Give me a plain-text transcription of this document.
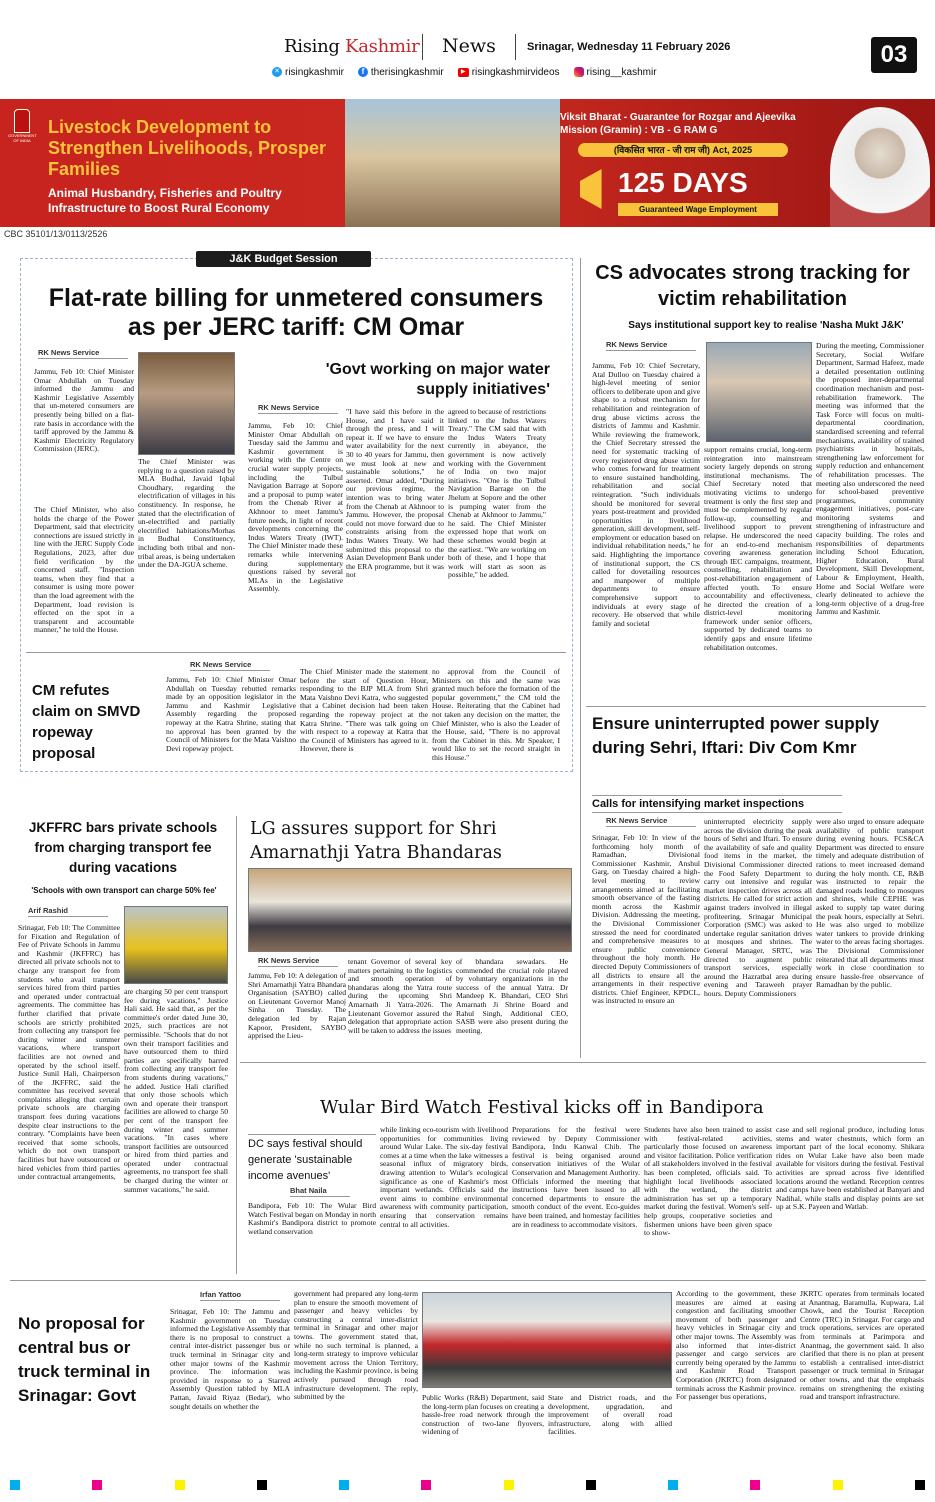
Rising Kashmir News	Srinagar, Wednesday 11 February 2026	03
✕ risingkashmir	f therisingkashmir	▶ risingkashmirvideos	rising__kashmir
GOVERNMENT OF INDIA
Livestock Development to Strengthen Livelihoods, Prosper Families
Animal Husbandry, Fisheries and Poultry Infrastructure to Boost Rural Economy
Viksit Bharat - Guarantee for Rozgar and Ajeevika Mission (Gramin) : VB - G RAM G
(विकसित भारत - जी राम जी) Act, 2025
125 DAYS
Guaranteed Wage Employment
CBC 35101/13/0113/2526
J&K Budget Session
Flat-rate billing for unmetered consumers as per JERC tariff: CM Omar
RK News Service
Jammu, Feb 10: Chief Minister Omar Abdullah on Tuesday informed the Jammu and Kashmir Legislative Assembly that un-metered consumers are presently being billed on a flat-rate basis in accordance with the tariff approved by the Jammu & Kashmir Electricity Regulatory Commission (JERC).
The Chief Minister, who also holds the charge of the Power Department, said that electricity connections are issued strictly in line with the JERC Supply Code Regulations, 2023, after due field verification by the concerned staff. "Inspection teams, when they find that a consumer is using more power than the load agreement with the Department, load revision is effected on the spot in a transparent and accountable manner," he told the House.
The Chief Minister was replying to a question raised by MLA Budhal, Javaid Iqbal Choudhary, regarding the electrification of villages in his constituency. In response, he stated that the electrification of un-electrified and partially electrified habitations/Morhas in Budhal Constituency, including both tribal and non-tribal areas, is being undertaken under the DA-JGUA scheme.
'Govt working on major water supply initiatives'
RK News Service
Jammu, Feb 10: Chief Minister Omar Abdullah on Tuesday said the Jammu and Kashmir government is working with the Centre on crucial water supply projects, including the Tulbul Navigation Barrage at Sopore and a proposal to pump water from the Chenab River at Akhnoor to meet Jammu's future needs, in light of recent developments concerning the Indus Waters Treaty (IWT). The Chief Minister made these remarks while intervening during supplementary questions raised by several MLAs in the Legislative Assembly.
"I have said this before in the House, and I have said it through the press, and I will repeat it. If we have to ensure water availability for the next 30 to 40 years for Jammu, then we must look at new and sustainable solutions," he asserted. Omar added, "During our previous regime, the intention was to bring water from the Chenab at Akhnoor to Jammu. However, the proposal could not move forward due to constraints arising from the Indus Waters Treaty. We had submitted this proposal to the Asian Development Bank under the ERA programme, but it was not
agreed to because of restrictions linked to the Indus Waters Treaty." The CM said that with the Indus Waters Treaty currently in abeyance, the government is now actively working with the Government of India on two major initiatives. "One is the Tulbul Navigation Barrage on the Jhelum at Sopore and the other is pumping water from the Chenab at Akhnoor to Jammu," he said. The Chief Minister expressed hope that work on these schemes would begin at the earliest. "We are working on both of these, and I hope that work will start as soon as possible," he added.
CM refutes claim on SMVD ropeway proposal
RK News Service
Jammu, Feb 10: Chief Minister Omar Abdullah on Tuesday rebutted remarks made by an opposition legislator in the Jammu and Kashmir Legislative Assembly regarding the proposed ropeway at the Katra Shrine, stating that no approval has been granted by the Council of Ministers for the Mata Vaishno Devi ropeway project.
The Chief Minister made the statement before the start of Question Hour, responding to the BJP MLA from Shri Mata Vaishno Devi Katra, who suggested that a Cabinet decision had been taken regarding the ropeway project at the Katra Shrine. "There was talk going on with respect to a ropeway at Katra that the Council of Ministers has agreed to it. However, there is
no approval from the Council of Ministers on this and the same was granted much before the formation of the popular government," the CM told the House. Reiterating that the Cabinet had not taken any decision on the matter, the Chief Minister, who is also the Leader of the House, said, "There is no approval from the Cabinet in this. Mr Speaker, I would like to set the record straight in this House."
CS advocates strong tracking for victim rehabilitation
Says institutional support key to realise 'Nasha Mukt J&K'
RK News Service
Jammu, Feb 10: Chief Secretary, Atal Dulloo on Tuesday chaired a high-level meeting of senior officers to deliberate upon and give shape to a robust mechanism for rehabilitation and reintegration of drug abuse victims across the districts of Jammu and Kashmir. While reviewing the framework, the Chief Secretary stressed the need for systematic tracking of every registered drug abuse victim who comes forward for treatment to ensure sustained handholding, rehabilitation and social reintegration. "Such individuals should be monitored for several years post-treatment and provided opportunities in livelihood generation, skill development, self-employment or education based on individual rehabilitation needs," he said. Highlighting the importance of institutional support, the CS called for dovetailing resources and manpower of multiple departments to ensure comprehensive support to individuals at every stage of recovery. He observed that while family and societal
support remains crucial, long-term reintegration into mainstream society largely depends on strong institutional mechanisms. The Chief Secretary noted that motivating victims to undergo treatment is only the first step and must be complemented by regular follow-up, counselling and livelihood support to prevent relapse. He underscored the need for an end-to-end mechanism covering awareness generation through IEC campaigns, treatment, counselling, rehabilitation and post-rehabilitation engagement of affected youth. To ensure accountability and effectiveness, he directed the creation of a district-level monitoring framework under senior officers, supported by dedicated teams to identify gaps and ensure lifetime rehabilitation outcomes.
During the meeting, Commissioner Secretary, Social Welfare Department, Sarmad Hafeez, made a detailed presentation outlining the proposed inter-departmental coordination mechanism and post-rehabilitation framework. The meeting was informed that the Task Force will focus on multi-departmental coordination, standardised screening and referral mechanisms, availability of trained psychiatrists in hospitals, strengthening law enforcement for supply reduction and enhancement of rehabilitation processes. The meeting also underscored the need for school-based preventive programmes, community engagement initiatives, post-care monitoring systems and strengthening of infrastructure and capacity building. The roles and responsibilities of departments including School Education, Higher Education, Rural Development, Skill Development, Labour & Employment, Health, Home and Social Welfare were clearly delineated to achieve the long-term objective of a drug-free Jammu and Kashmir.
Ensure uninterrupted power supply during Sehri, Iftari: Div Com Kmr
Calls for intensifying market inspections
RK News Service
Srinagar, Feb 10: In view of the forthcoming holy month of Ramadhan, Divisional Commissioner Kashmir, Anshul Garg, on Tuesday chaired a high-level meeting to review arrangements aimed at facilitating smooth observance of the fasting month across the Kashmir Division. Addressing the meeting, the Divisional Commissioner stressed the need for coordinated and comprehensive measures to ensure public convenience throughout the holy month. He directed Deputy Commissioners of all districts to ensure all the arrangements in their respective districts. Chief Engineer, KPDCL, was instructed to ensure an
uninterrupted electricity supply across the division during the peak hours of Sehri and Iftari. To ensure the availability of safe and quality food items in the market, the Divisional Commissioner directed the Food Safety Department to carry out intensive and regular market inspection drives across all districts. He called for strict action against traders involved in illegal profiteering. Srinagar Municipal Corporation (SMC) was asked to undertake regular sanitation drives at mosques and shrines. The General Manager, SRTC, was directed to augment public transport services, especially around the Hazratbal area during evening and Taraweeh prayer hours. Deputy Commissioners
were also urged to ensure adequate availability of public transport during evening hours. FCS&CA Department was directed to ensure timely and adequate distribution of rations to meet increased demand during the holy month. CE, R&B was instructed to repair the damaged roads leading to mosques and shrines, while CEPHE was asked to supply tap water during the peak hours, especially at Sehri. He was also urged to mobilize water tankers to provide drinking water to the areas facing shortages. The Divisional Commissioner reiterated that all departments must work in close coordination to ensure hassle-free observance of Ramadhan by the public.
JKFFRC bars private schools from charging transport fee during vacations
'Schools with own transport can charge 50% fee'
Arif Rashid
Srinagar, Feb 10: The Committee for Fixation and Regulation of Fee of Private Schools in Jammu and Kashmir (JKFFRC) has directed all private schools not to charge any transport fee from students who avail transport services hired from third parties and operated under contractual agreements. The committee has further clarified that private schools are strictly prohibited from collecting any transport fee during winter and summer vacations, where transport facilities are not owned and operated by the school itself. Justice Sunil Hali, Chairperson of the JKFFRC, said the committee has received several complaints alleging that certain private schools are charging transport fees during vacations despite clear instructions to the contrary. "Complaints have been received that some schools, which do not own transport facilities but have outsourced or hired vehicles from third parties under contractual arrangements,
are charging 50 per cent transport fee during vacations," Justice Hali said. He said that, as per the committee's order dated June 30, 2025, such practices are not permissible. "Schools that do not own their transport facilities and have outsourced them to third parties are specifically barred from collecting any transport fee from students during vacations," he added. Justice Hali clarified that only those schools which own and operate their transport facilities are allowed to charge 50 per cent of the transport fee during winter and summer vacations. "In cases where transport facilities are outsourced or hired from third parties and operated under contractual agreements, no transport fee shall be charged during the winter or summer vacations," he said.
LG assures support for Shri Amarnathji Yatra Bhandaras
RK News Service
Jammu, Feb 10: A delegation of Shri Amarnathji Yatra Bhandara Organisation (SAYBO) called on Lieutenant Governor Manoj Sinha on Tuesday. The delegation led by Rajan Kapoor, President, SAYBO apprised the Lieu-
tenant Governor of several key matters pertaining to the logistics and smooth operation of bhandaras along the Yatra route during the upcoming Shri Amarnath Ji Yatra-2026. The Lieutenant Governor assured the delegation that appropriate action will be taken to address the issues
of bhandara sewadars. He commended the crucial role played by voluntary organizations in the success of the annual Yatra. Dr Mandeep K. Bhandari, CEO Shri Amarnath Ji Shrine Board and Rahul Singh, Additional CEO, SASB were also present during the meeting.
Wular Bird Watch Festival kicks off in Bandipora
DC says festival should generate 'sustainable income avenues'
Bhat Naila
Bandipora, Feb 10: The Wular Bird Watch Festival began on Monday in north Kashmir's Bandipora district to promote wetland conservation
while linking eco-tourism with livelihood opportunities for communities living around Wular Lake. The six-day festival comes at a time when the lake witnesses a seasonal influx of migratory birds, drawing attention to Wular's ecological significance as one of Kashmir's most important wetlands. Officials said the event aims to combine environmental awareness with community participation, ensuring that conservation remains central to all activities.
Preparations for the festival were reviewed by Deputy Commissioner Bandipora, Indu Kanwal Chib. The festival is being organised around conservation initiatives of the Wular Conservation and Management Authority. Officials informed the meeting that instructions have been issued to all concerned departments to ensure the smooth conduct of the event. Eco-guides have been trained, and homestay facilities are in readiness to accommodate visitors.
Students have also been trained to assist with festival-related activities, particularly those focused on awareness and visitor facilitation. Police verification of all stakeholders involved in the festival has been completed, officials said. To highlight local livelihoods associated with the wetland, the district administration has set up a temporary market during the festival. Women's self-help groups, cooperative societies and fishermen unions have been given space to show-
case and sell regional produce, including lotus stems and water chestnuts, which form an important part of the local economy. Shikara rides on Wular Lake have also been made available for visitors during the festival. Festival activities are spread across five identified locations around the wetland. Reception centres and camps have been established at Banyari and Nadihal, while stalls and display points are set up at S.K. Payeen and Watlab.
No proposal for central bus or truck terminal in Srinagar: Govt
Irfan Yattoo
Srinagar, Feb 10: The Jammu and Kashmir government on Tuesday informed the Legislative Assembly that there is no proposal to construct a central inter-district passenger bus or truck terminal in Srinagar city and other major towns of the Kashmir province. The information was provided in response to a Starred Assembly Question tabled by MLA Pattan, Javaid Riyaz (Bedar), who sought details on whether the
government had prepared any long-term plan to ensure the smooth movement of passenger and heavy vehicles by constructing a central inter-district terminal in Srinagar and other major towns. The government stated that, while no such terminal is planned, a long-term strategy to improve vehicular movement across the Union Territory, including the Kashmir province, is being actively pursued through road infrastructure development. The reply, submitted by the	Public Works (R&B) Department, said the long-term plan focuses on creating a hassle-free road network through the construction of two-lane flyovers, widening of
State and District roads, and the development, upgradation, and improvement of overall road infrastructure, along with allied facilities.
According to the government, these measures are aimed at easing congestion and facilitating smoother movement of both passenger and heavy vehicles in Srinagar city and other major towns. The Assembly was also informed that inter-district passenger and cargo services are currently being operated by the Jammu and Kashmir Road Transport Corporation (JKRTC) from designated terminals across the Kashmir province. For passenger bus operations,
JKRTC operates from terminals located at Anantnag, Baramulla, Kupwara, Lal Chowk, and the Tourist Reception Centre (TRC) in Srinagar. For cargo and truck operations, services are operated from terminals at Parimpora and Anantnag, the government said. It also clarified that there is no plan at present to establish a centralised inter-district passenger or truck terminal in Srinagar or other towns, and that the emphasis remains on strengthening the existing road and transport infrastructure.
